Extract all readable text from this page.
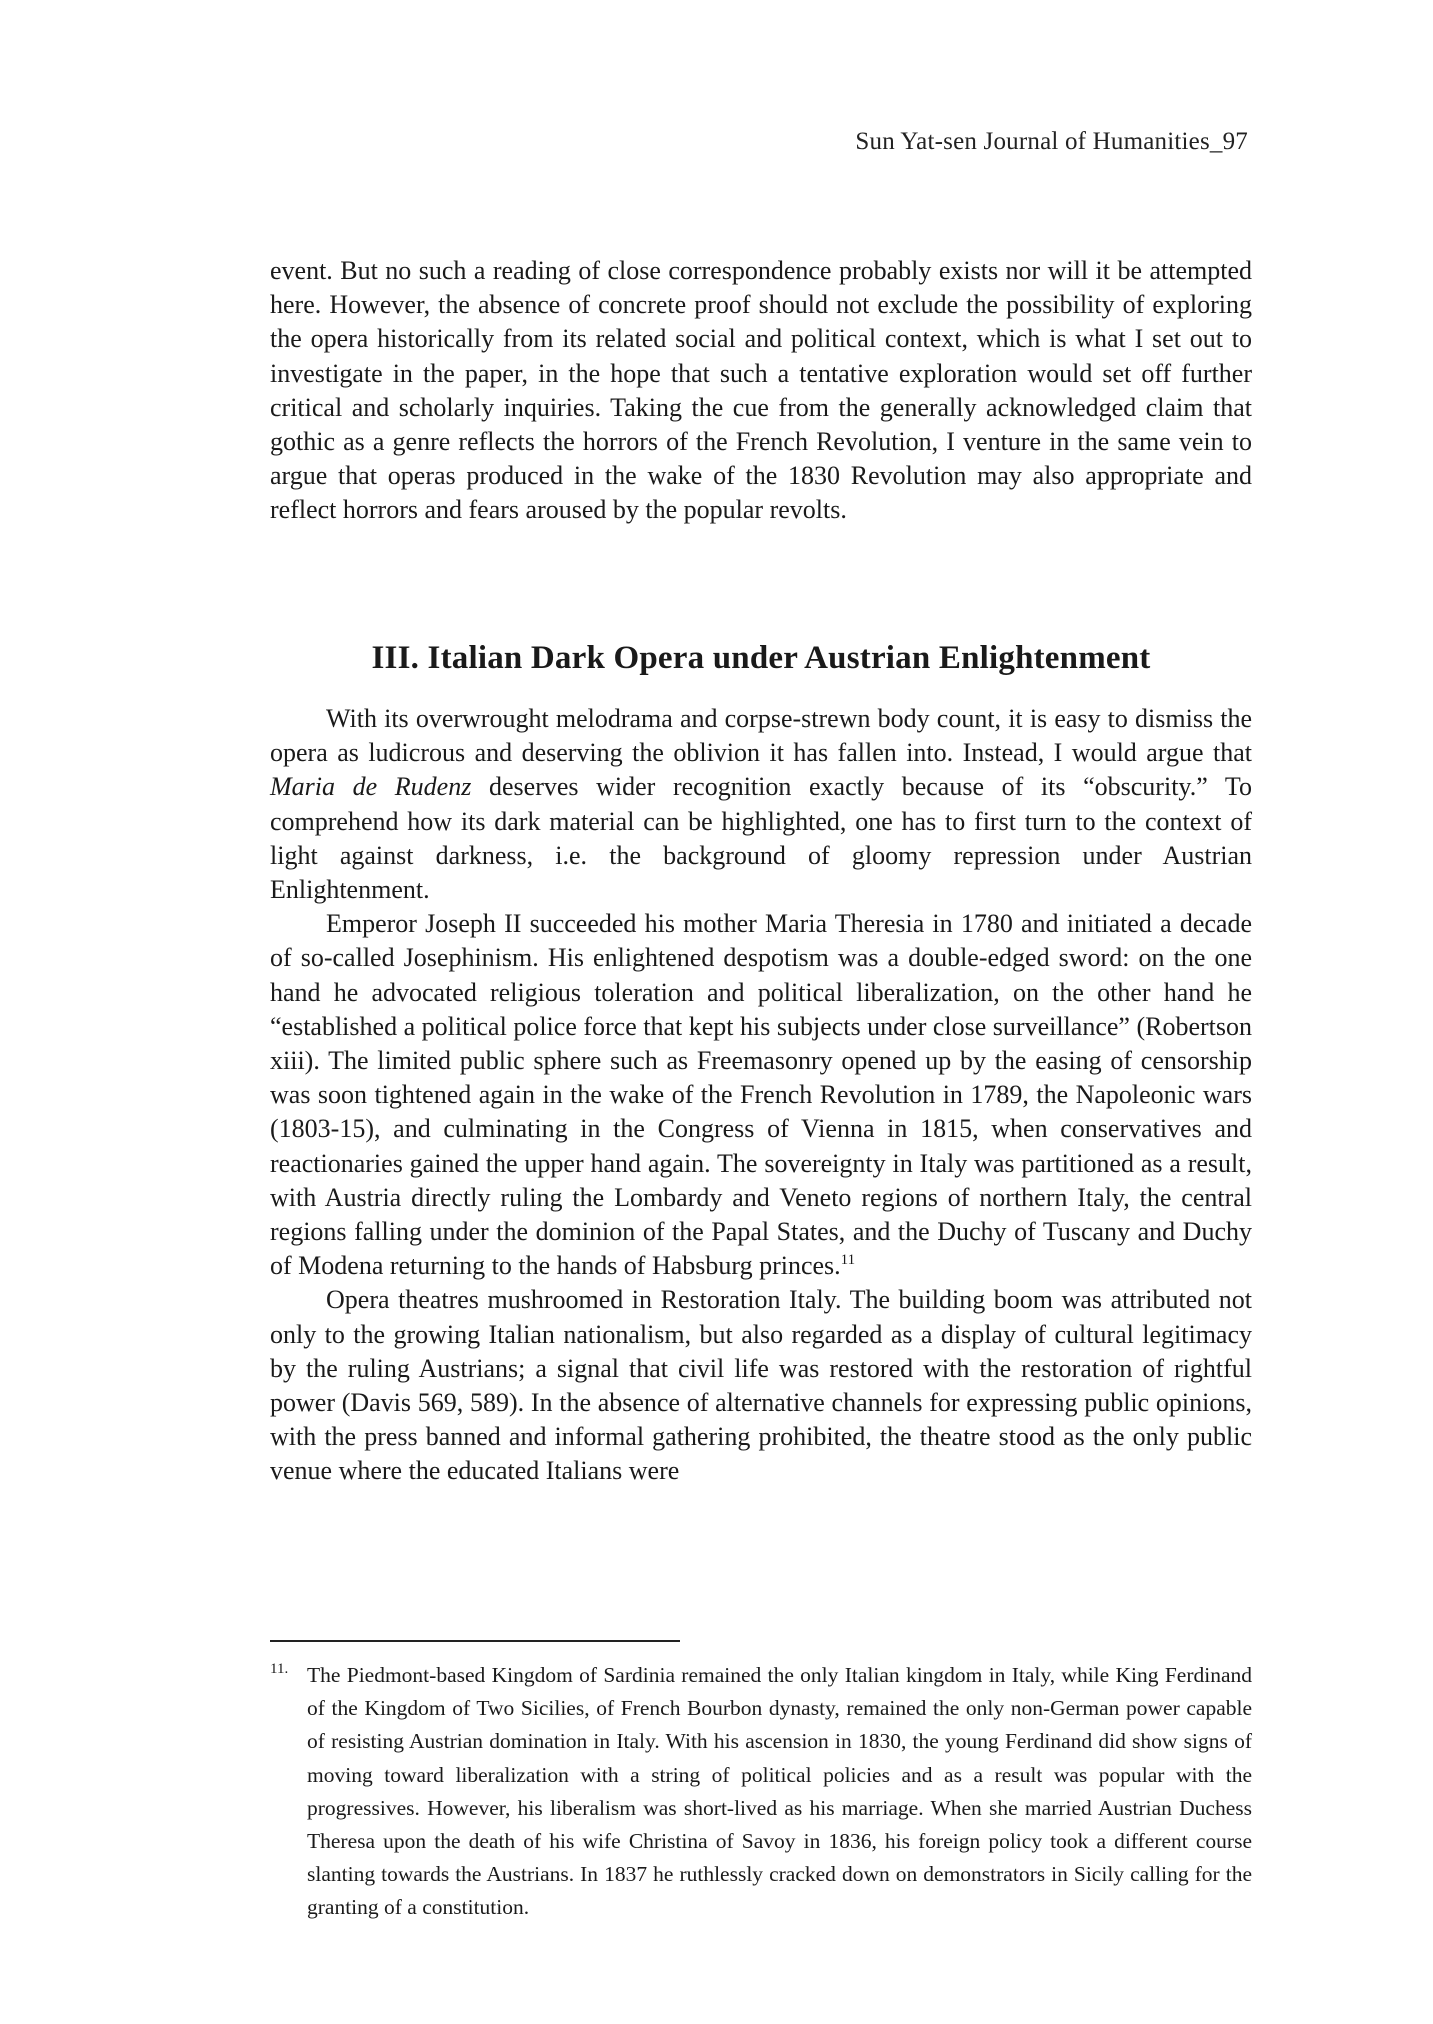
Sun Yat-sen Journal of Humanities_97

event. But no such a reading of close correspondence probably exists nor will it be attempted here. However, the absence of concrete proof should not exclude the possibility of exploring the opera historically from its related social and political context, which is what I set out to investigate in the paper, in the hope that such a tentative exploration would set off further critical and scholarly inquiries. Taking the cue from the generally acknowledged claim that gothic as a genre reflects the horrors of the French Revolution, I venture in the same vein to argue that operas produced in the wake of the 1830 Revolution may also appropriate and reflect horrors and fears aroused by the popular revolts.

III. Italian Dark Opera under Austrian Enlightenment

With its overwrought melodrama and corpse-strewn body count, it is easy to dismiss the opera as ludicrous and deserving the oblivion it has fallen into. Instead, I would argue that Maria de Rudenz deserves wider recognition exactly because of its “obscurity.” To comprehend how its dark material can be highlighted, one has to first turn to the context of light against darkness, i.e. the background of gloomy repression under Austrian Enlightenment.

Emperor Joseph II succeeded his mother Maria Theresia in 1780 and initiated a decade of so-called Josephinism. His enlightened despotism was a double-edged sword: on the one hand he advocated religious toleration and political liberalization, on the other hand he “established a political police force that kept his subjects under close surveillance” (Robertson xiii). The limited public sphere such as Freemasonry opened up by the easing of censorship was soon tightened again in the wake of the French Revolution in 1789, the Napoleonic wars (1803-15), and culminating in the Congress of Vienna in 1815, when conservatives and reactionaries gained the upper hand again. The sovereignty in Italy was partitioned as a result, with Austria directly ruling the Lombardy and Veneto regions of northern Italy, the central regions falling under the dominion of the Papal States, and the Duchy of Tuscany and Duchy of Modena returning to the hands of Habsburg princes.$^{11}$

Opera theatres mushroomed in Restoration Italy. The building boom was attributed not only to the growing Italian nationalism, but also regarded as a display of cultural legitimacy by the ruling Austrians; a signal that civil life was restored with the restoration of rightful power (Davis 569, 589). In the absence of alternative channels for expressing public opinions, with the press banned and informal gathering prohibited, the theatre stood as the only public venue where the educated Italians were

11. The Piedmont-based Kingdom of Sardinia remained the only Italian kingdom in Italy, while King Ferdinand of the Kingdom of Two Sicilies, of French Bourbon dynasty, remained the only non-German power capable of resisting Austrian domination in Italy. With his ascension in 1830, the young Ferdinand did show signs of moving toward liberalization with a string of political policies and as a result was popular with the progressives. However, his liberalism was short-lived as his marriage. When she married Austrian Duchess Theresa upon the death of his wife Christina of Savoy in 1836, his foreign policy took a different course slanting towards the Austrians. In 1837 he ruthlessly cracked down on demonstrators in Sicily calling for the granting of a constitution.
